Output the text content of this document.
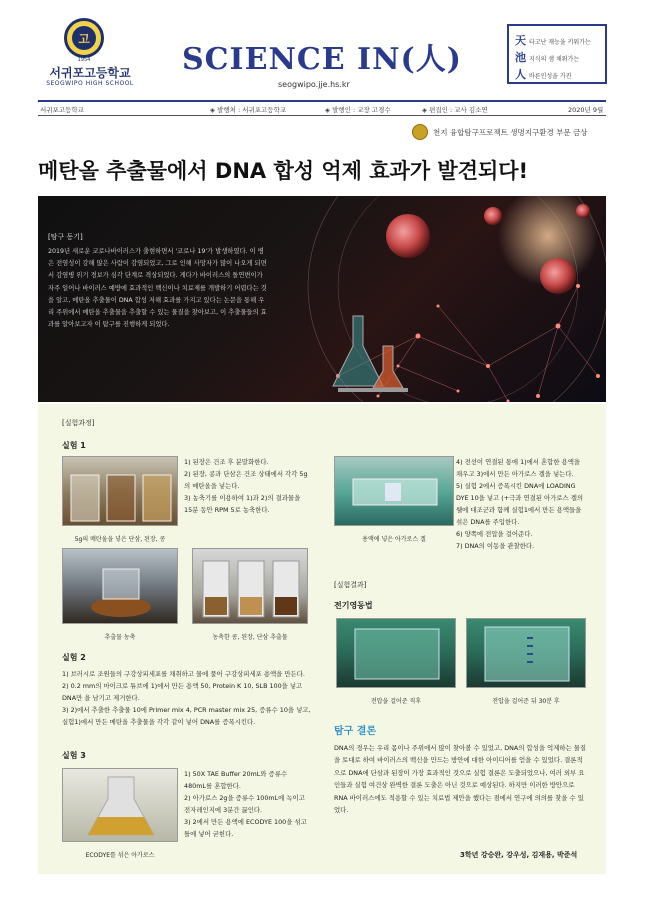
고
1954
서귀포고등학교
SEOGWIPO HIGH SCHOOL
SCIENCE IN(人)
seogwipo.jje.hs.kr
天타고난 재능을 키워가는
池지식의 샘 채워가는
人바른인성을 가진
서귀포고등학교	◈ 발행처 : 서귀포고등학교	◈ 발행인 : 교장 고경수	◈ 편집인 : 교사 김소연	2020년 9월
천지 융합탐구프로젝트 생명지구환경 부문 금상
메탄올 추출물에서 DNA 합성 억제 효과가 발견되다!
[탐구 동기]
2019년 새로운 코로나바이러스가 출현하면서 '코로나 19'가 발생하였다. 이 병은 전염성이 강해 많은 사람이 감염되었고, 그로 인해 사망자가 많이 나오게 되면서 감염병 위기 경보가 심각 단계로 격상되었다. 게다가 바이러스의 돌연변이가 자주 일어나 바이러스 예방에 효과적인 백신이나 치료제를 개발하기 어렵다는 것을 알고, 메탄올 추출물이 DNA 합성 저해 효과를 가지고 있다는 논문을 통해 우리 주위에서 메탄올 추출물을 추출할 수 있는 물질을 찾아보고, 이 추출물들의 효과를 알아보고자 이 탐구를 진행하게 되었다.
[실험과정]
실험 1
5g의 메탄올을 넣은 단삼, 된장, 콩
1) 된장은 건조 후 분말화한다.
2) 된장, 콩과 단삼은 건조 상태에서 각각 5g의 메탄올을 넣는다.
3) 농축기를 이용하여 1)과 2)의 결과물을 15분 동안 RPM 5로 농축한다.
추출물 농축	농축한 콩, 된장, 단삼 추출물
실험 2
1) 브러시로 조원들의 구강상피세포를 채취하고 물에 풀어 구강상피세포 용액을 만든다.
2) 0.2 mm의 마이크로 튜브에 1)에서 만든 용액 50, Protein K 10, SLB 100을 넣고 DNA만 을 남기고 제거한다.
3) 2)에서 추출한 추출물 10에 Primer mix 4, PCR master mix 25, 증류수 10을 넣고, 실험1)에서 만든 메탄올 추출물을 각각 같이 넣어 DNA를 증폭시킨다.
실험 3
ECODYE를 섞은 아가로스
1) 50X TAE Buffer 20mL와 증류수 480mL를 혼합한다.
2) 아가로스 2g을 증류수 100mL에 녹이고 전자레인지에 3분간 끓인다.
3) 2에서 만든 용액에 ECODYE 100을 섞고 틀에 넣어 굳힌다.
용액에 넣은 아가로스 겔
4) 전선이 연결된 통에 1)에서 혼합한 용액을 채우고 3)에서 만든 아가로스 겔을 넣는다.
5) 실험 2에서 증폭시킨 DNA에 LOADING DYE 10을 넣고 (+극과 연결된 아가로스 겔의 웰에 대조군과 함께 실험1에서 만든 용액들을 섞은 DNA를 주입한다.
6) 양쪽에 전압을 걸어준다.
7) DNA의 이동을 관찰한다.
[실험결과]
전기영동법
전압을 걸어준 직후	전압을 걸어준 뒤 30분 후
탐구 결론
DNA의 경우는 우리 몸이나 주위에서 많이 찾아볼 수 있었고, DNA의 합성을 억제하는 물질을 토대로 하여 바이러스의 백신을 만드는 방안에 대한 아이디어를 얻을 수 있었다. 결론적으로 DNA에 단삼과 된장이 가장 효과적인 것으로 실험 결론은 도출되었으나, 여러 외부 요인들과 실험 여건상 완벽한 결론 도출은 아닌 것으로 예상된다. 하지만 이러한 방안으로 RNA 바이러스에도 적용할 수 있는 치료법 제안을 했다는 점에서 연구에 의의를 찾을 수 있었다.
3학년 강승완, 강우성, 김재용, 박준석
